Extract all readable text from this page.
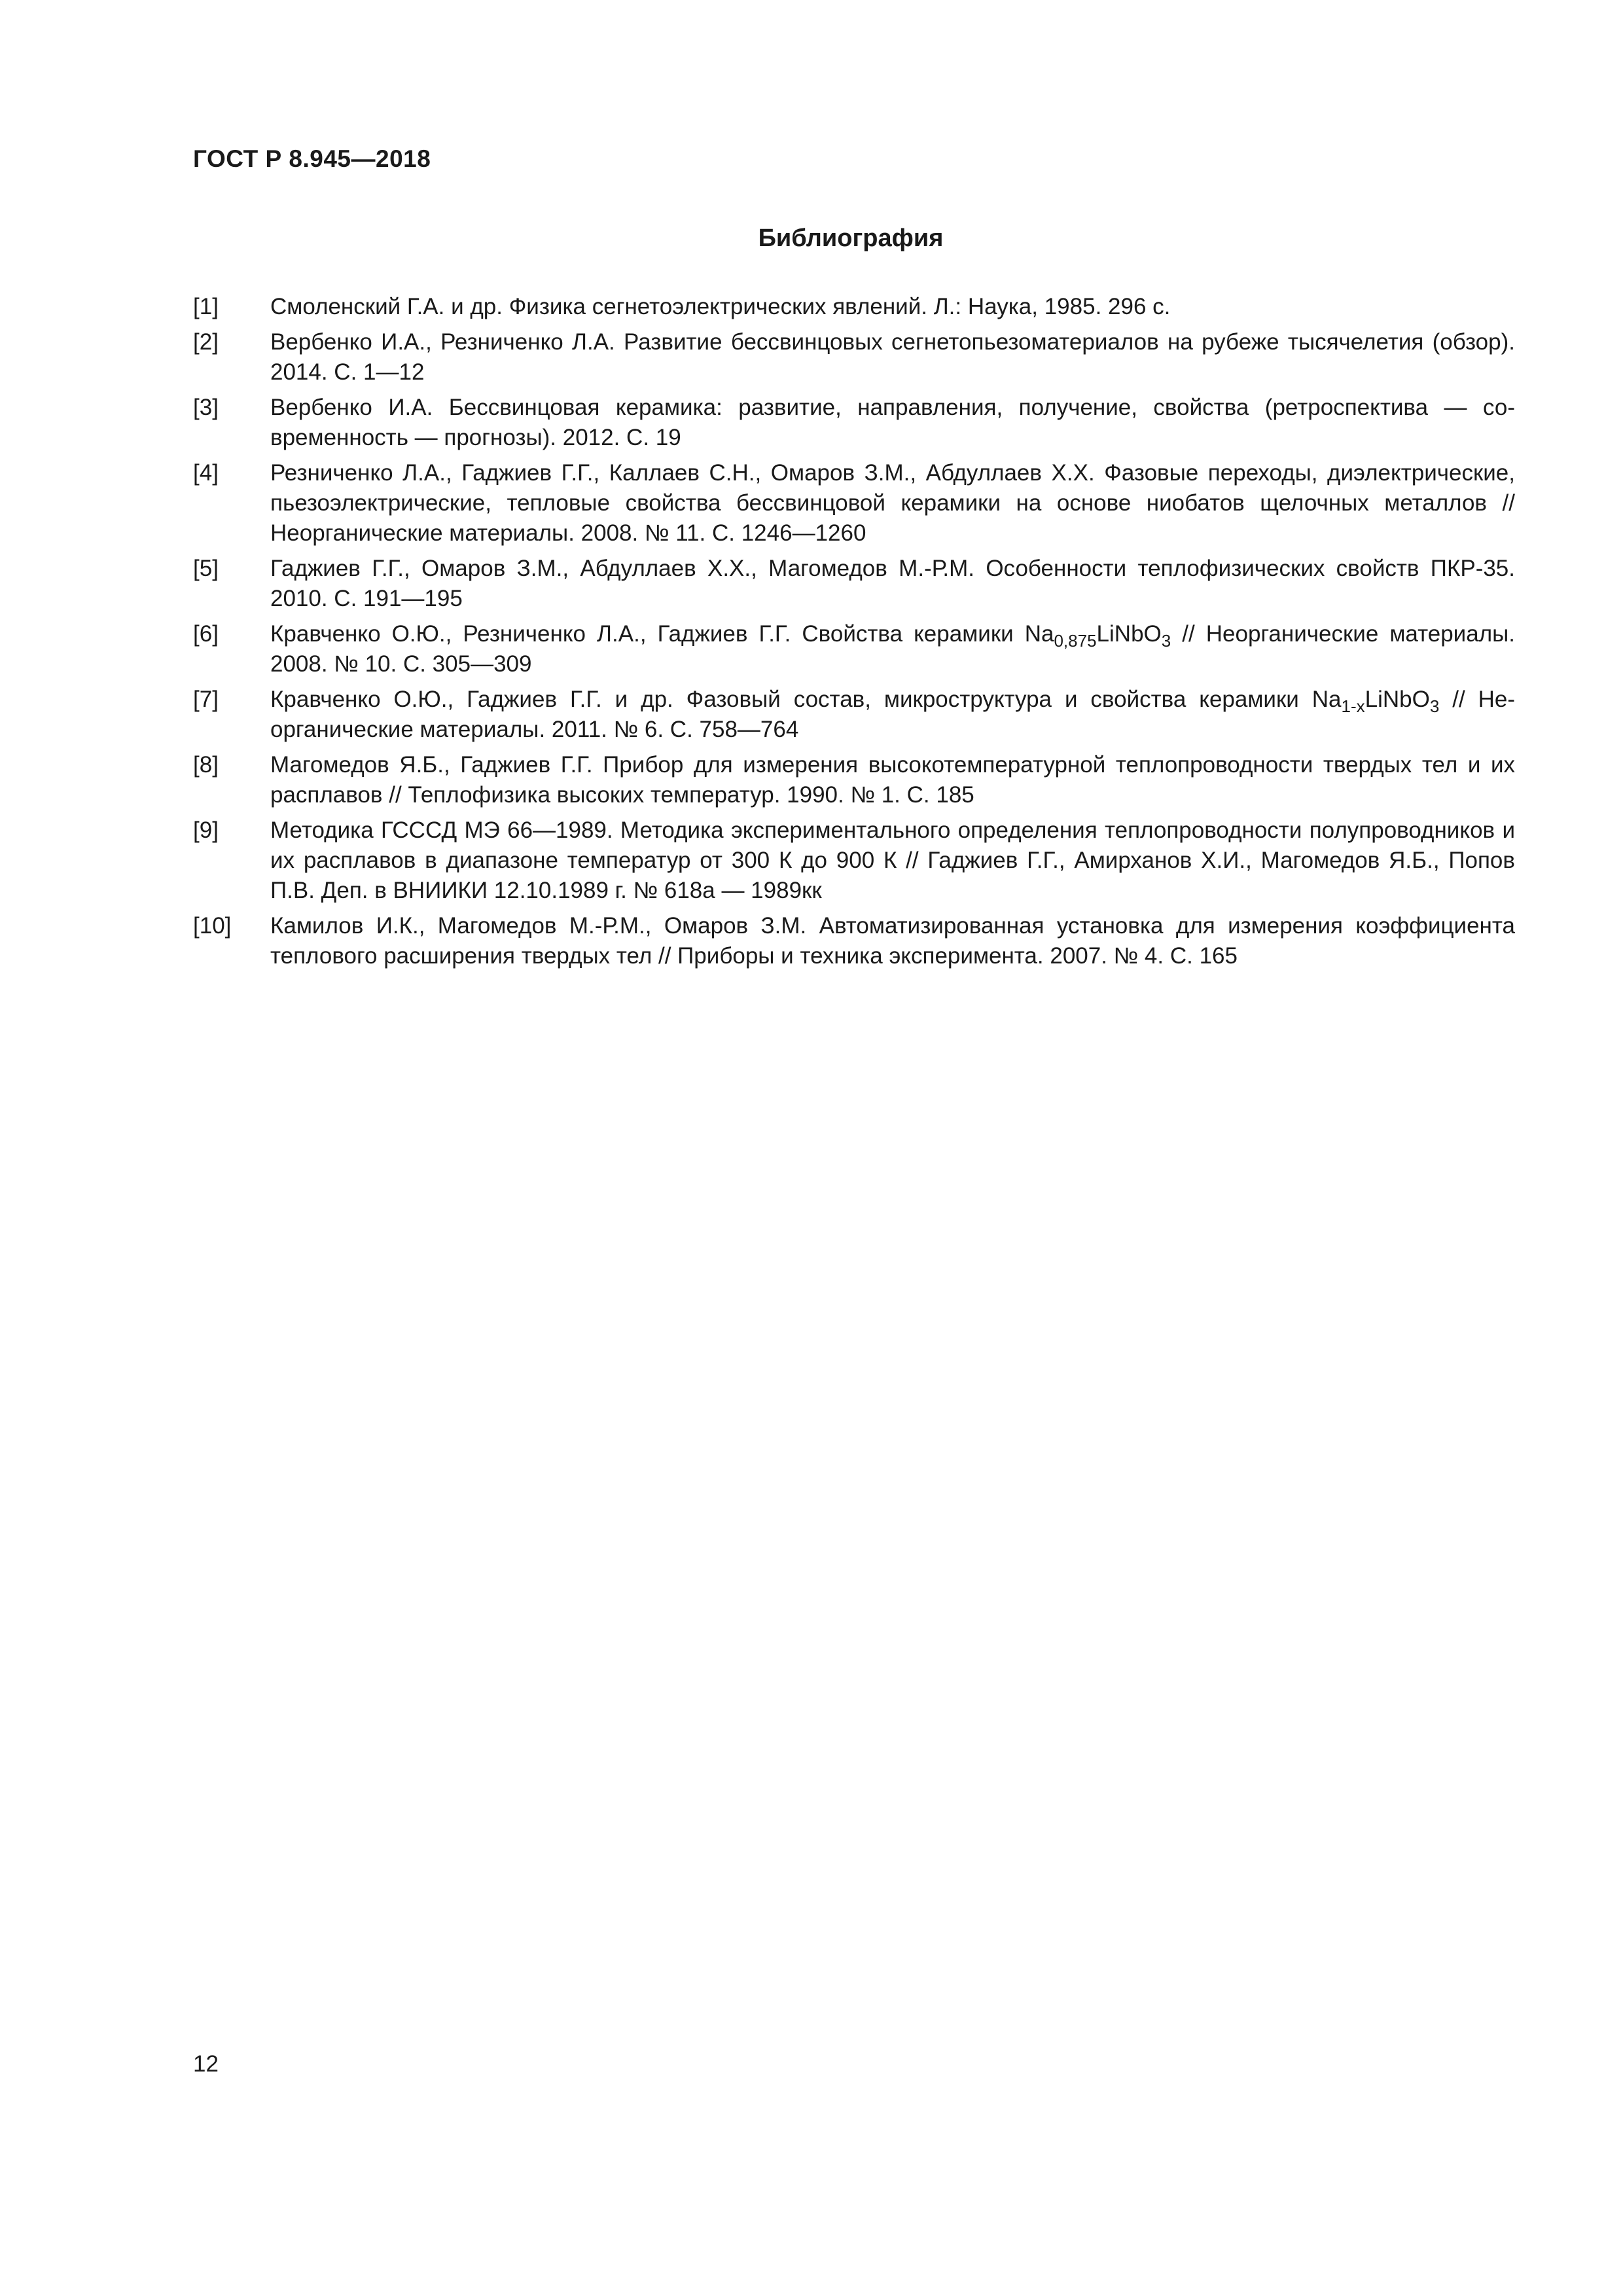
ГОСТ Р 8.945—2018
Библиография
[1]	Смоленский Г.А. и др. Физика сегнетоэлектрических явлений. Л.: Наука, 1985. 296 с.
[2]	Вербенко И.А., Резниченко Л.А. Развитие бессвинцовых сегнетопьезоматериалов на рубеже тысячелетия (обзор). 2014. С. 1—12
[3]	Вербенко И.А. Бессвинцовая керамика: развитие, направления, получение, свойства (ретроспектива — современность — прогнозы). 2012. С. 19
[4]	Резниченко Л.А., Гаджиев Г.Г., Каллаев С.Н., Омаров З.М., Абдуллаев Х.Х. Фазовые переходы, диэлектрические, пьезоэлектрические, тепловые свойства бессвинцовой керамики на основе ниобатов щелочных металлов // Неорганические материалы. 2008. № 11. С. 1246—1260
[5]	Гаджиев Г.Г., Омаров З.М., Абдуллаев Х.Х., Магомедов М.-Р.М. Особенности теплофизических свойств ПКР-35. 2010. С. 191—195
[6]	Кравченко О.Ю., Резниченко Л.А., Гаджиев Г.Г. Свойства керамики $Na_{0,875}LiNbO_3$ // Неорганические материалы. 2008. № 10. С. 305—309
[7]	Кравченко О.Ю., Гаджиев Г.Г. и др. Фазовый состав, микроструктура и свойства керамики $Na_{1-x}LiNbO_3$ // Неорганические материалы. 2011. № 6. С. 758—764
[8]	Магомедов Я.Б., Гаджиев Г.Г. Прибор для измерения высокотемпературной теплопроводности твердых тел и их расплавов // Теплофизика высоких температур. 1990. № 1. С. 185
[9]	Методика ГСССД МЭ 66—1989. Методика экспериментального определения теплопроводности полупроводников и их расплавов в диапазоне температур от 300 К до 900 К // Гаджиев Г.Г., Амирханов Х.И., Магомедов Я.Б., Попов П.В. Деп. в ВНИИКИ 12.10.1989 г. № 618а — 1989кк
[10]	Камилов И.К., Магомедов М.-Р.М., Омаров З.М. Автоматизированная установка для измерения коэффициента теплового расширения твердых тел // Приборы и техника эксперимента. 2007. № 4. С. 165
12
